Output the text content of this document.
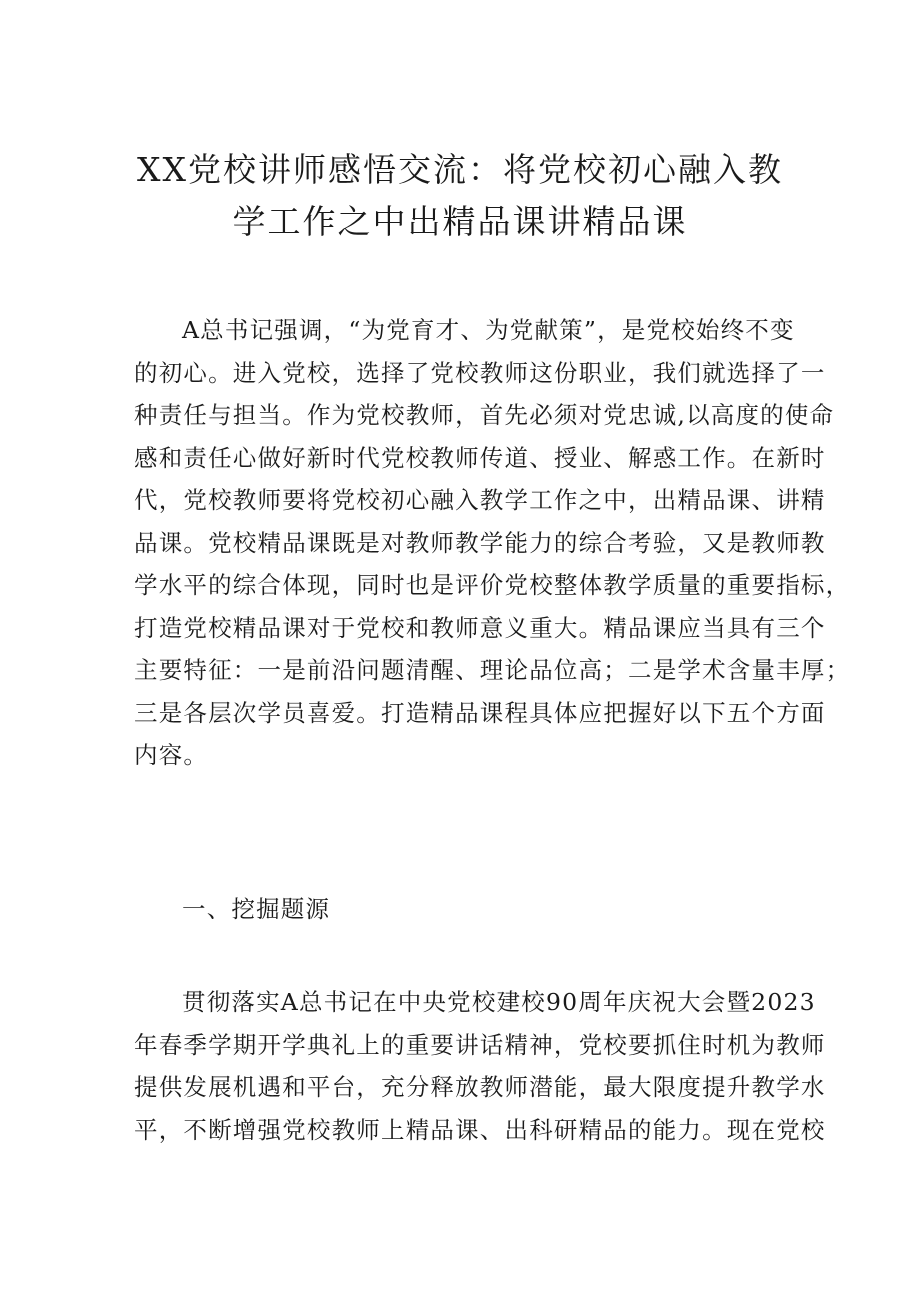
XX党校讲师感悟交流：将党校初心融入教
学工作之中出精品课讲精品课
A总书记强调，“为党育才、为党献策”，是党校始终不变
的初心。进入党校，选择了党校教师这份职业，我们就选择了一
种责任与担当。作为党校教师，首先必须对党忠诚,以高度的使命
感和责任心做好新时代党校教师传道、授业、解惑工作。在新时
代，党校教师要将党校初心融入教学工作之中，出精品课、讲精
品课。党校精品课既是对教师教学能力的综合考验，又是教师教
学水平的综合体现，同时也是评价党校整体教学质量的重要指标，
打造党校精品课对于党校和教师意义重大。精品课应当具有三个
主要特征：一是前沿问题清醒、理论品位高；二是学术含量丰厚；
三是各层次学员喜爱。打造精品课程具体应把握好以下五个方面
内容。
一、挖掘题源
贯彻落实A总书记在中央党校建校90周年庆祝大会暨2023
年春季学期开学典礼上的重要讲话精神，党校要抓住时机为教师
提供发展机遇和平台，充分释放教师潜能，最大限度提升教学水
平，不断增强党校教师上精品课、出科研精品的能力。现在党校
